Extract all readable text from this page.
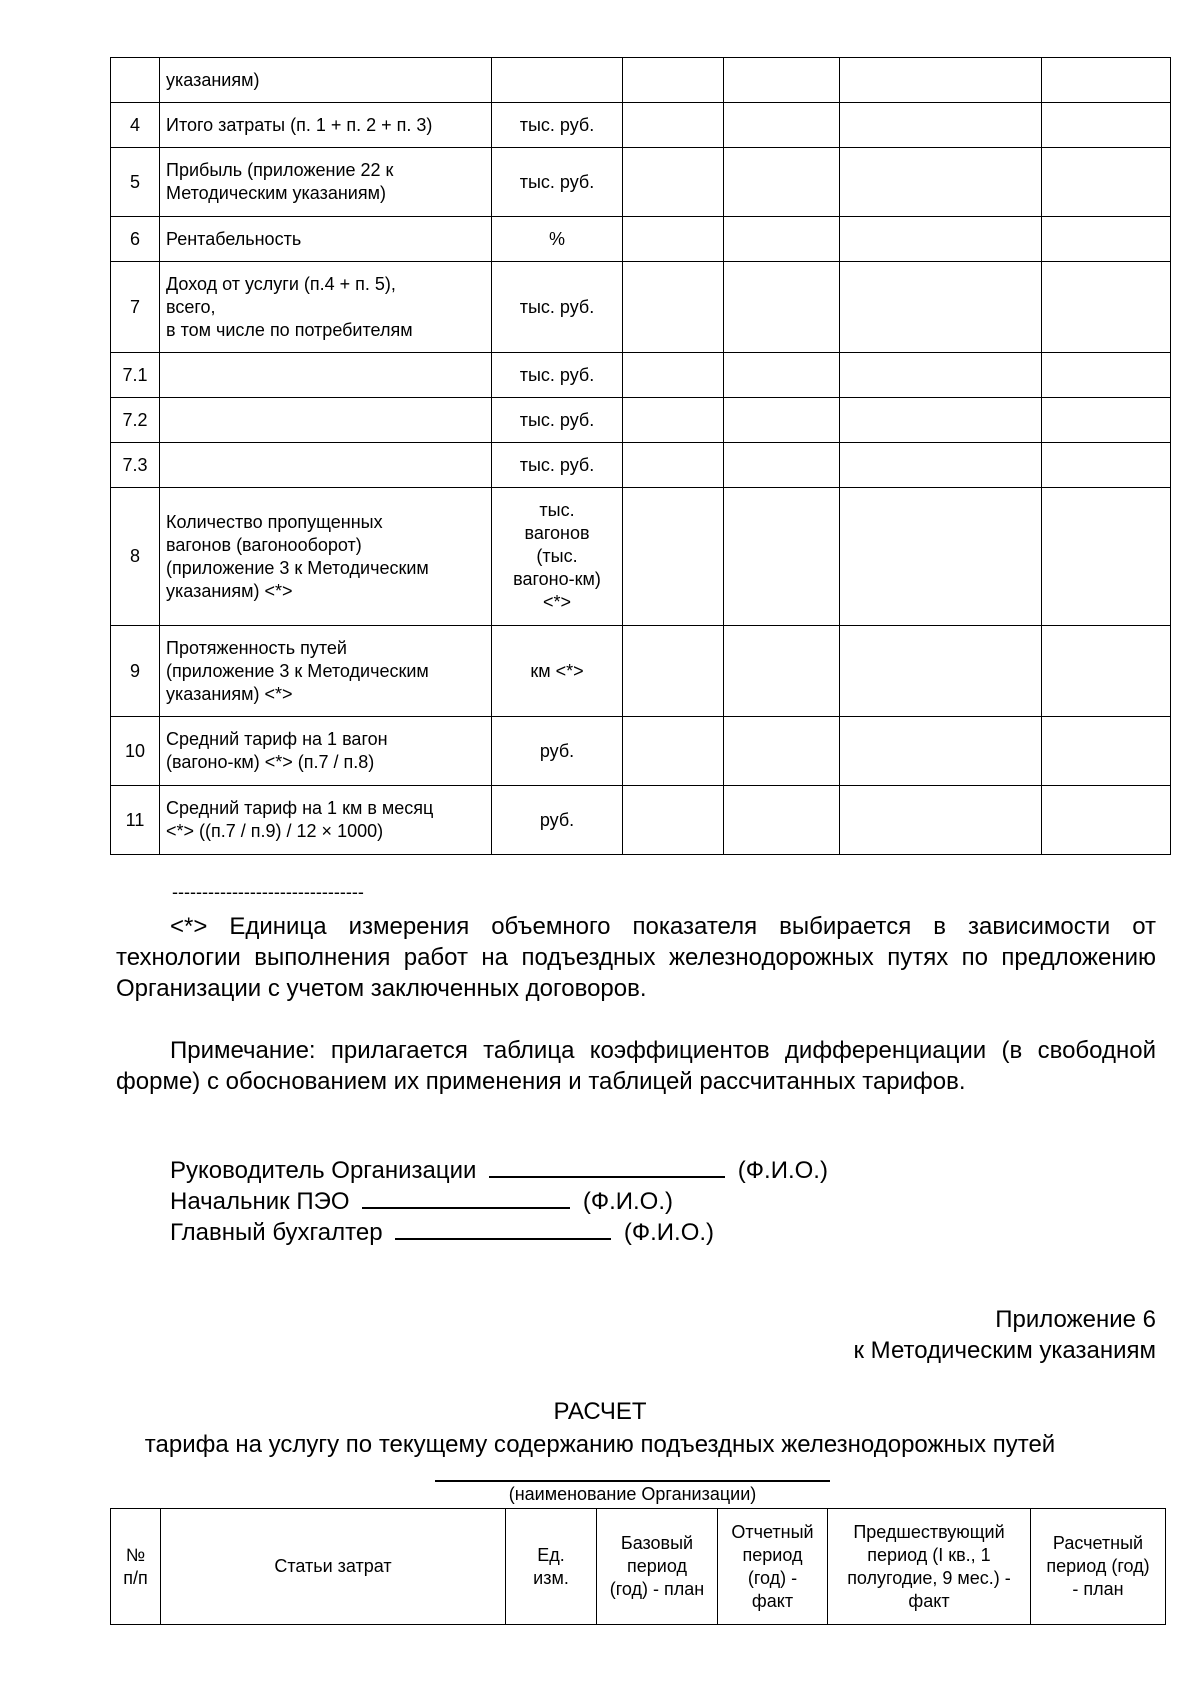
	указаниям)					
4	Итого затраты (п. 1 + п. 2 + п. 3)	тыс. руб.				
5	Прибыль (приложение 22 к
Методическим указаниям)	тыс. руб.				
6	Рентабельность	%				
7	Доход от услуги (п.4 + п. 5),
всего,
в том числе по потребителям	тыс. руб.				
7.1		тыс. руб.				
7.2		тыс. руб.				
7.3		тыс. руб.				
8	Количество пропущенных
вагонов (вагонооборот)
(приложение 3 к Методическим
указаниям) <*>	тыс.
вагонов
(тыс.
вагоно-км)
<*>				
9	Протяженность путей
(приложение 3 к Методическим
указаниям) <*>	км <*>				
10	Средний тариф на 1 вагон
(вагоно-км) <*> (п.7 / п.8)	руб.				
11	Средний тариф на 1 км в месяц
<*> ((п.7 / п.9) / 12 × 1000)	руб.				
--------------------------------
<*> Единица измерения объемного показателя выбирается в зависимости от технологии выполнения работ на подъездных железнодорожных путях по предложению Организации с учетом заключенных договоров.
Примечание: прилагается таблица коэффициентов дифференциации (в свободной форме) с обоснованием их применения и таблицей рассчитанных тарифов.
Руководитель Организации	(Ф.И.О.)
Начальник ПЭО	(Ф.И.О.)
Главный бухгалтер	(Ф.И.О.)
Приложение 6
к Методическим указаниям
РАСЧЕТ
тарифа на услугу по текущему содержанию подъездных железнодорожных путей
(наименование Организации)
№
п/п	Статьи затрат	Ед.
изм.	Базовый
период
(год) - план	Отчетный
период
(год) -
факт	Предшествующий
период (I кв., 1
полугодие, 9 мес.) -
факт	Расчетный
период (год)
- план
